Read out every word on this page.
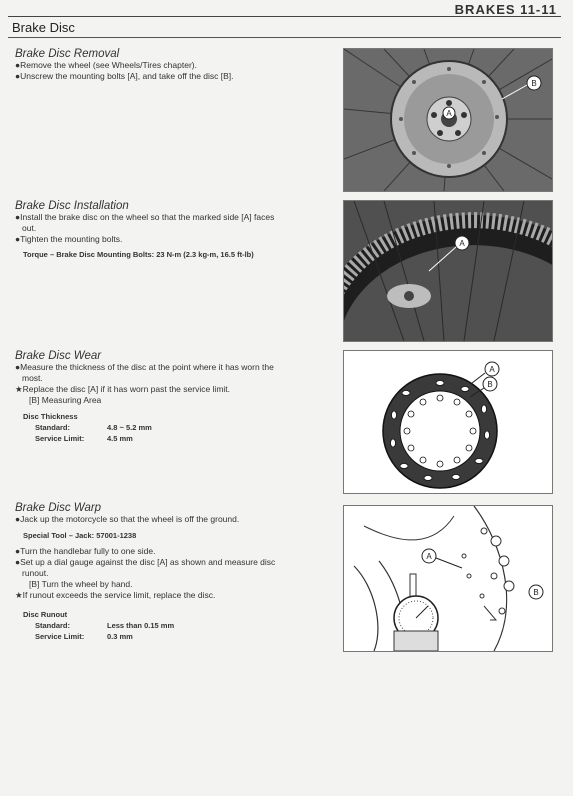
BRAKES 11-11
Brake Disc
Brake Disc Removal
●Remove the wheel (see Wheels/Tires chapter).
●Unscrew the mounting bolts [A], and take off the disc [B].
A
B
Brake Disc Installation
●Install the brake disc on the wheel so that the marked side [A] faces
out.
●Tighten the mounting bolts.
Torque – Brake Disc Mounting Bolts: 23 N-m (2.3 kg-m, 16.5 ft-lb)
A
Brake Disc Wear
●Measure the thickness of the disc at the point where it has worn the
most.
★Replace the disc [A] if it has worn past the service limit.
[B] Measuring Area
Disc Thickness
Standard:	4.8 ~ 5.2 mm
Service Limit:	4.5 mm
A
B
Brake Disc Warp
●Jack up the motorcycle so that the wheel is off the ground.
Special Tool – Jack: 57001-1238
●Turn the handlebar fully to one side.
●Set up a dial gauge against the disc [A] as shown and measure disc
runout.
[B] Turn the wheel by hand.
★If runout exceeds the service limit, replace the disc.
Disc Runout
Standard:	Less than 0.15 mm
Service Limit:	0.3 mm
A
B
